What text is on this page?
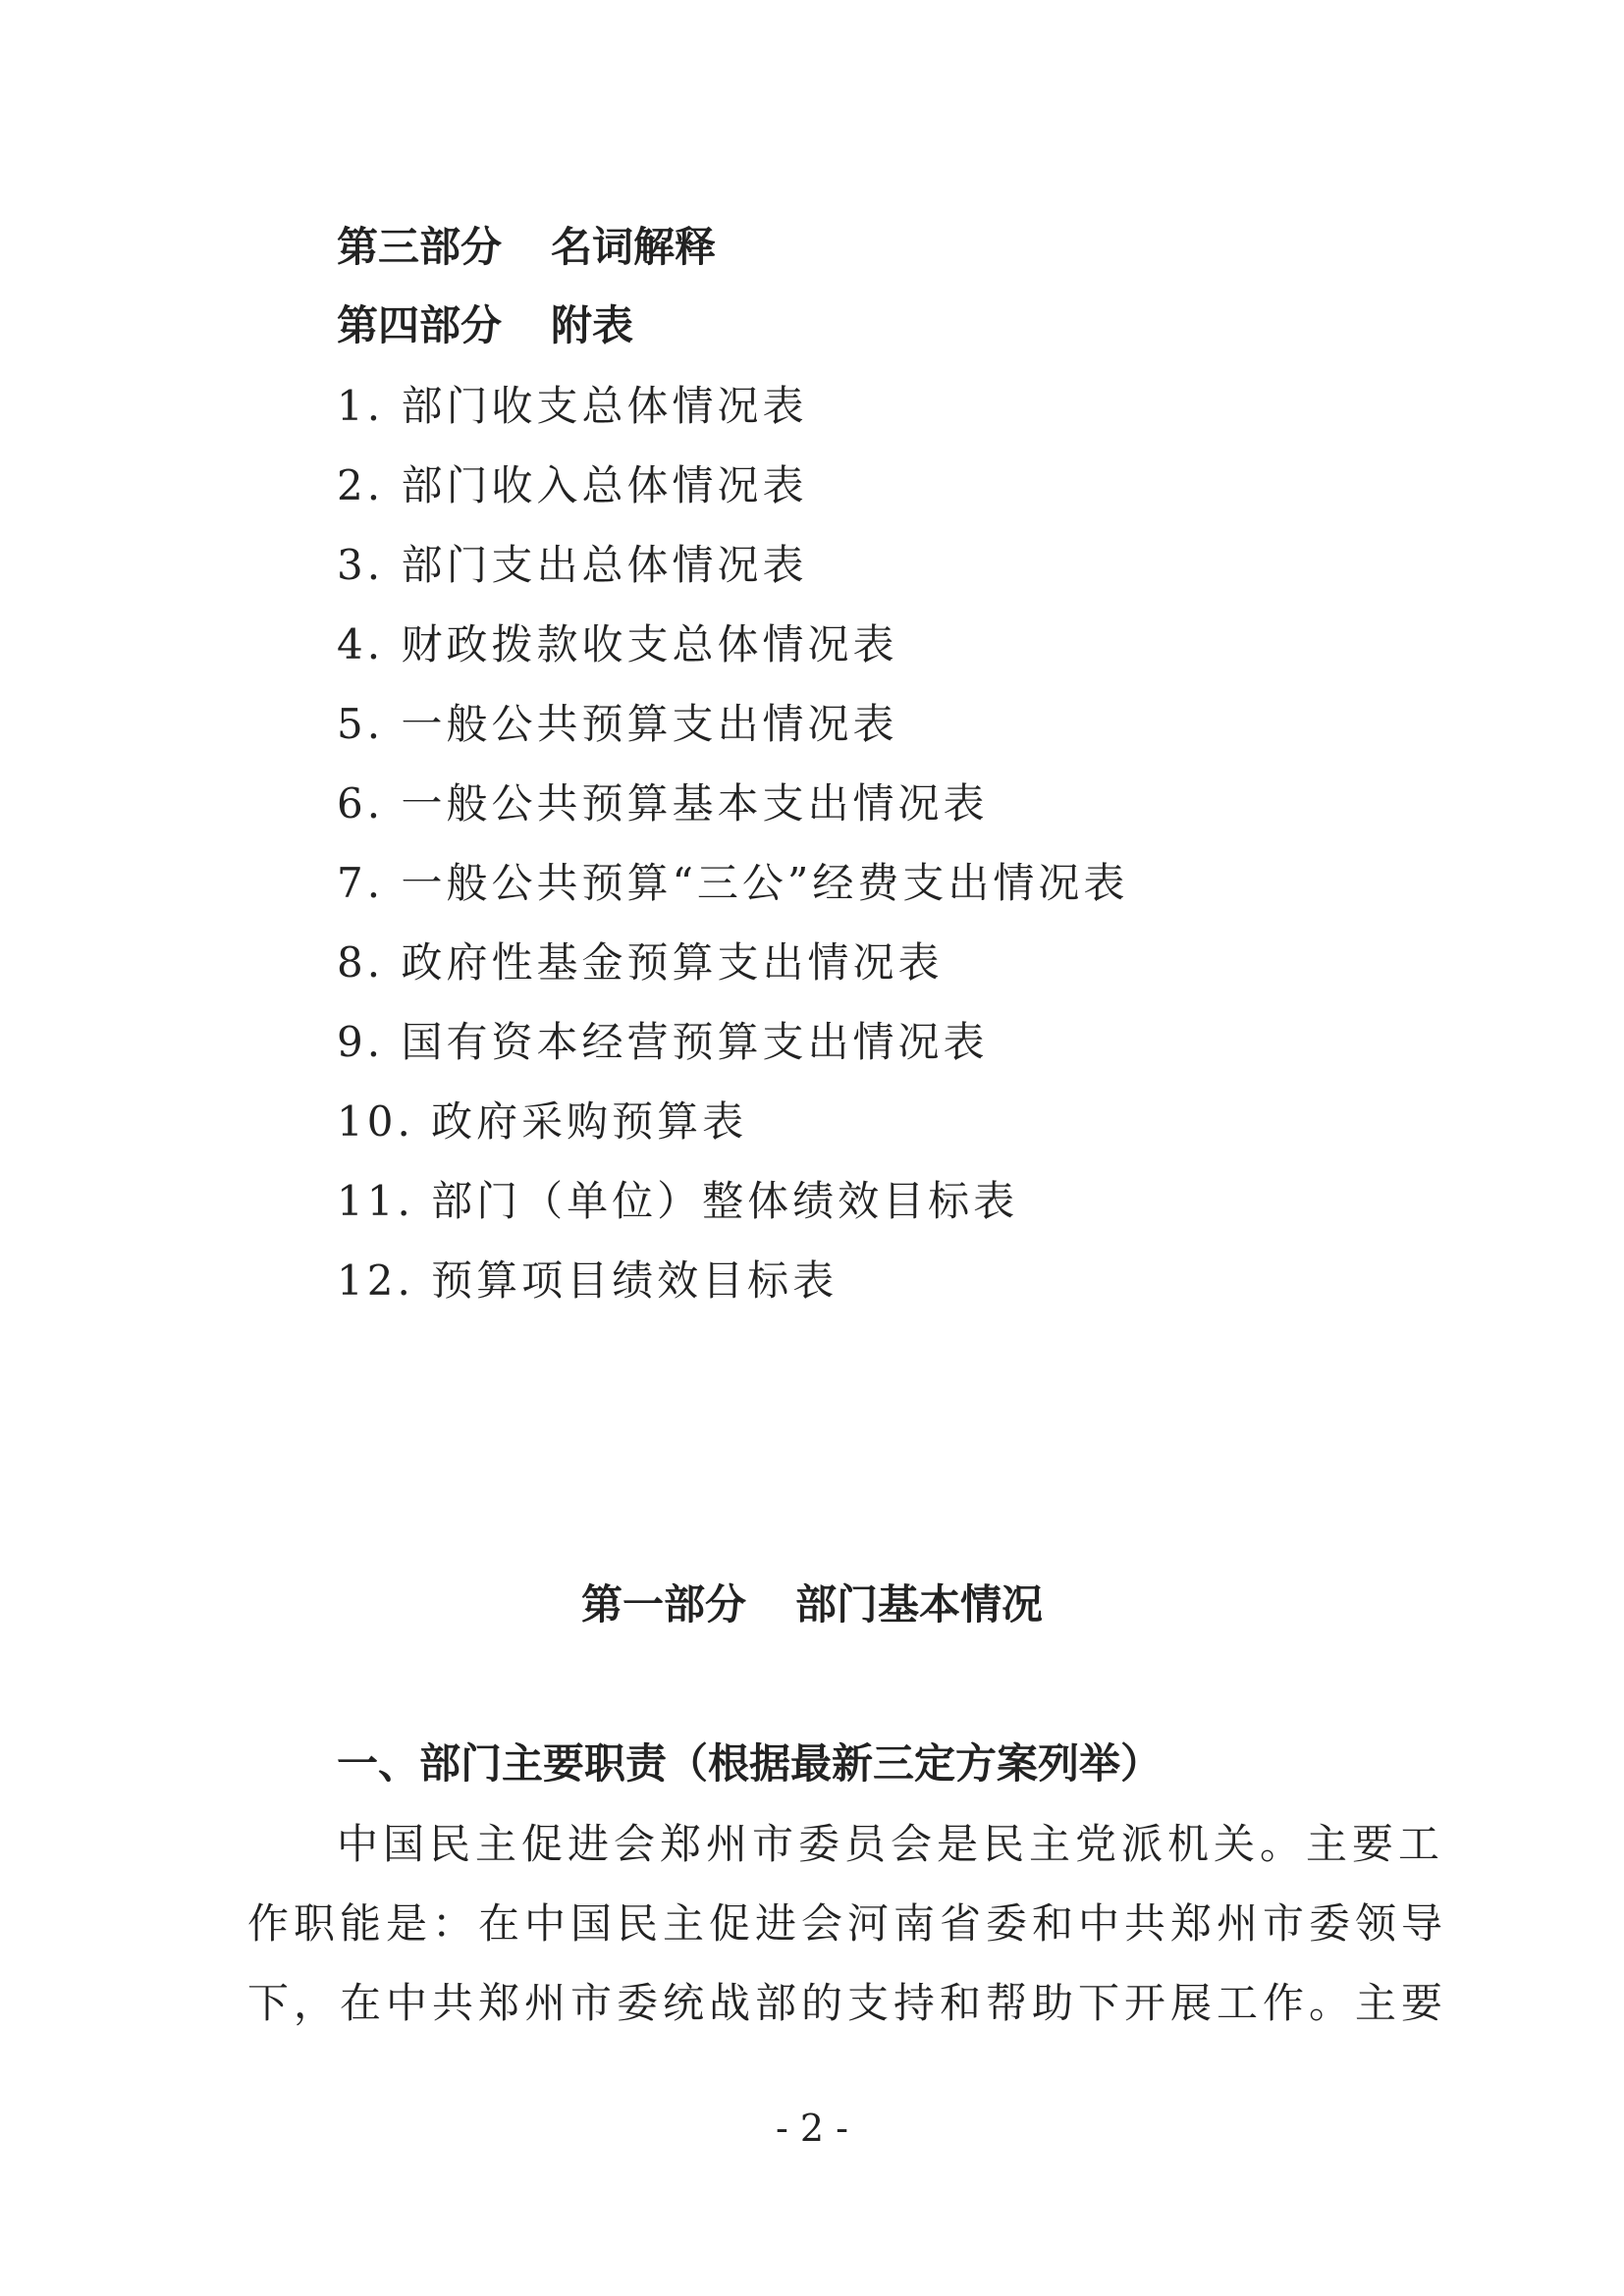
第三部分 名词解释
第四部分 附表
1. 部门收支总体情况表
2. 部门收入总体情况表
3. 部门支出总体情况表
4. 财政拨款收支总体情况表
5. 一般公共预算支出情况表
6. 一般公共预算基本支出情况表
7. 一般公共预算“三公”经费支出情况表
8. 政府性基金预算支出情况表
9. 国有资本经营预算支出情况表
10. 政府采购预算表
11. 部门（单位）整体绩效目标表
12. 预算项目绩效目标表
第一部分 部门基本情况
一、部门主要职责（根据最新三定方案列举）
中国民主促进会郑州市委员会是民主党派机关。主要工
作职能是：在中国民主促进会河南省委和中共郑州市委领导
下，在中共郑州市委统战部的支持和帮助下开展工作。主要
- 2 -
